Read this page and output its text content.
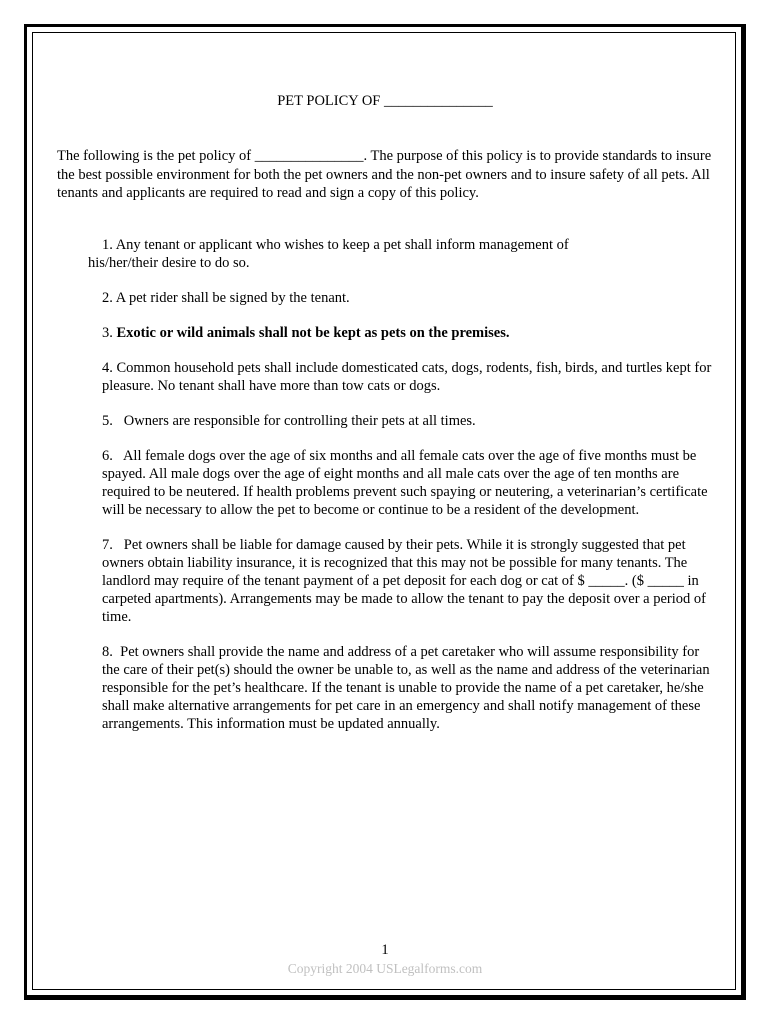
PET POLICY OF _______________
The following is the pet policy of _______________. The purpose of this policy is to provide standards to insure the best possible environment for both the pet owners and the non-pet owners and to insure safety of all pets. All tenants and applicants are required to read and sign a copy of this policy.
1. Any tenant or applicant who wishes to keep a pet shall inform management of
his/her/their desire to do so.
2. A pet rider shall be signed by the tenant.
3. Exotic or wild animals shall not be kept as pets on the premises.
4. Common household pets shall include domesticated cats, dogs, rodents, fish, birds, and turtles kept for pleasure. No tenant shall have more than tow cats or dogs.
5.   Owners are responsible for controlling their pets at all times.
6.   All female dogs over the age of six months and all female cats over the age of five months must be spayed. All male dogs over the age of eight months and all male cats over the age of ten months are required to be neutered. If health problems prevent such spaying or neutering, a veterinarian’s certificate will be necessary to allow the pet to become or continue to be a resident of the development.
7.   Pet owners shall be liable for damage caused by their pets. While it is strongly suggested that pet owners obtain liability insurance, it is recognized that this may not be possible for many tenants. The landlord may require of the tenant payment of a pet deposit for each dog or cat of $ _____. ($ _____ in carpeted apartments). Arrangements may be made to allow the tenant to pay the deposit over a period of time.
8.  Pet owners shall provide the name and address of a pet caretaker who will assume responsibility for the care of their pet(s) should the owner be unable to, as well as the name and address of the veterinarian responsible for the pet’s healthcare. If the tenant is unable to provide the name of a pet caretaker, he/she shall make alternative arrangements for pet care in an emergency and shall notify management of these arrangements. This information must be updated annually.
1
Copyright 2004 USLegalforms.com
